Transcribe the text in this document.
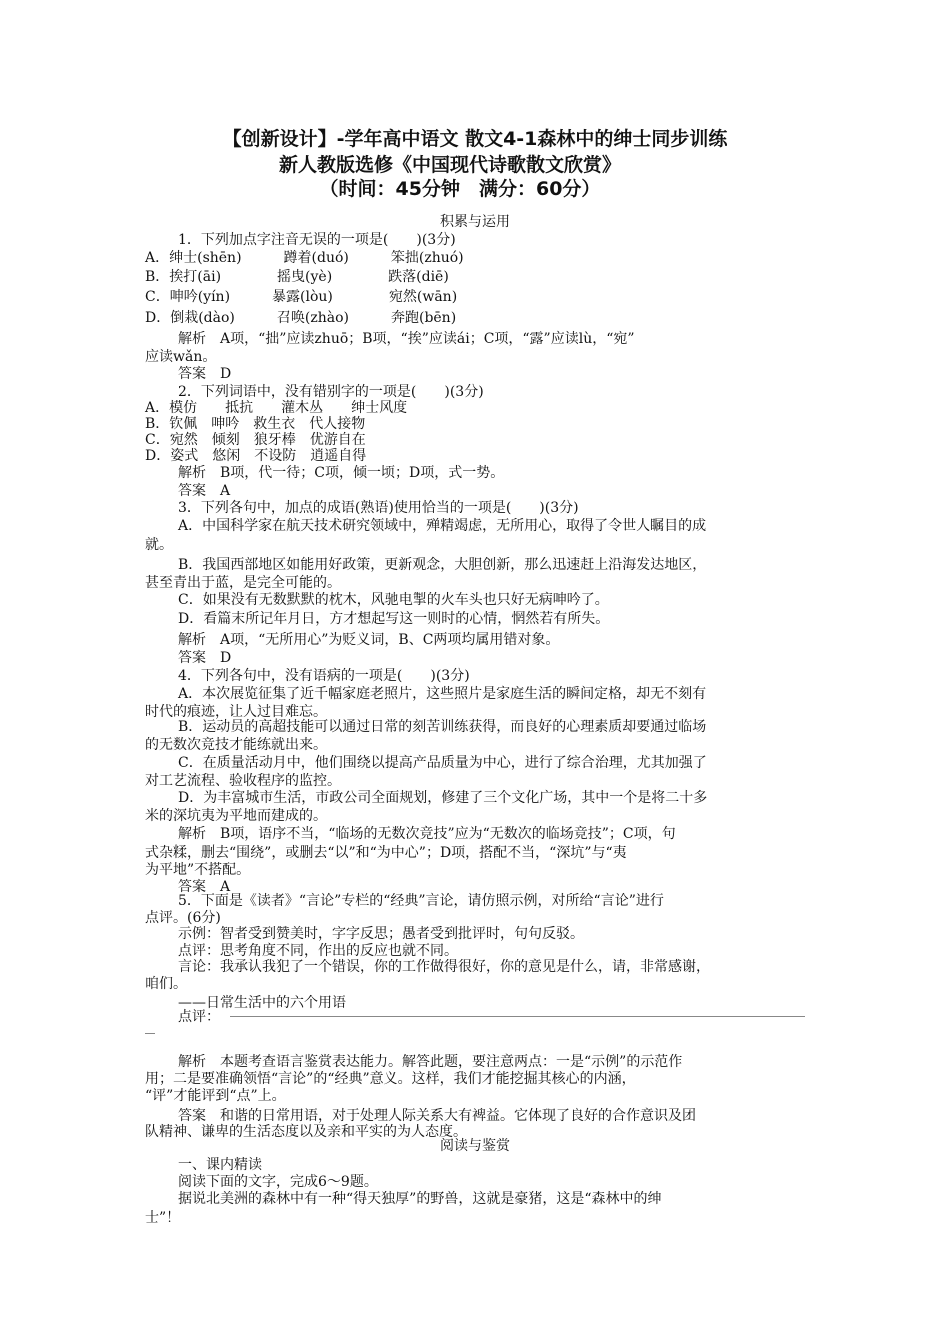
【创新设计】-学年高中语文 散文4-1森林中的绅士同步训练
新人教版选修《中国现代诗歌散文欣赏》
（时间：45分钟　满分：60分）
积累与运用
1．下列加点字注音无误的一项是(　　)(3分)
A．绅士(shēn)　　　蹲着(duó)　　　笨拙(zhuó)
B．挨打(āi)　　　　摇曳(yè)　　　　跌落(diē)
C．呻吟(yín)　　　暴露(lòu)　　　　宛然(wān)
D．倒栽(dào)　　　召唤(zhào)　　　奔跑(bēn)
解析　A项，“拙”应读zhuō；B项，“挨”应读ái；C项，“露”应读lù，“宛”
应读wǎn。
答案　D
2．下列词语中，没有错别字的一项是(　　)(3分)
A．模仿　　抵抗　　灌木丛　　绅士风度
B．钦佩　呻吟　救生衣　代人接物
C．宛然　倾刻　狼牙棒　优游自在
D．姿式　悠闲　不设防　逍遥自得
解析　B项，代一待；C项，倾一顷；D项，式一势。
答案　A
3．下列各句中，加点的成语(熟语)使用恰当的一项是(　　)(3分)
A．中国科学家在航天技术研究领域中，殚精竭虑，无所用心，取得了令世人瞩目的成
就。
B．我国西部地区如能用好政策，更新观念，大胆创新，那么迅速赶上沿海发达地区，
甚至青出于蓝，是完全可能的。
C．如果没有无数默默的枕木，风驰电掣的火车头也只好无病呻吟了。
D．看篇末所记年月日，方才想起写这一则时的心情，惘然若有所失。
解析　A项，“无所用心”为贬义词，B、C两项均属用错对象。
答案　D
4．下列各句中，没有语病的一项是(　　)(3分)
A．本次展览征集了近千幅家庭老照片，这些照片是家庭生活的瞬间定格，却无不刻有
时代的痕迹，让人过目难忘。
B．运动员的高超技能可以通过日常的刻苦训练获得，而良好的心理素质却要通过临场
的无数次竞技才能练就出来。
C．在质量活动月中，他们围绕以提高产品质量为中心，进行了综合治理，尤其加强了
对工艺流程、验收程序的监控。
D．为丰富城市生活，市政公司全面规划，修建了三个文化广场，其中一个是将二十多
米的深坑夷为平地而建成的。
解析　B项，语序不当，“临场的无数次竞技”应为“无数次的临场竞技”；C项，句
式杂糅，删去“围绕”，或删去“以”和“为中心”；D项，搭配不当，“深坑”与“夷
为平地”不搭配。
答案　A
5．下面是《读者》“言论”专栏的“经典”言论，请仿照示例，对所给“言论”进行
点评。(6分)
示例：智者受到赞美时，字字反思；愚者受到批评时，句句反驳。
点评：思考角度不同，作出的反应也就不同。
言论：我承认我犯了一个错误，你的工作做得很好，你的意见是什么，请，非常感谢，
咱们。
——日常生活中的六个用语
点评：
解析　本题考查语言鉴赏表达能力。解答此题，要注意两点：一是“示例”的示范作
用；二是要准确领悟“言论”的“经典”意义。这样，我们才能挖掘其核心的内涵，
“评”才能评到“点”上。
答案　和谐的日常用语，对于处理人际关系大有裨益。它体现了良好的合作意识及团
队精神、谦卑的生活态度以及亲和平实的为人态度。
阅读与鉴赏
一、课内精读
阅读下面的文字，完成6～9题。
据说北美洲的森林中有一种“得天独厚”的野兽，这就是豪猪，这是“森林中的绅
士”！
